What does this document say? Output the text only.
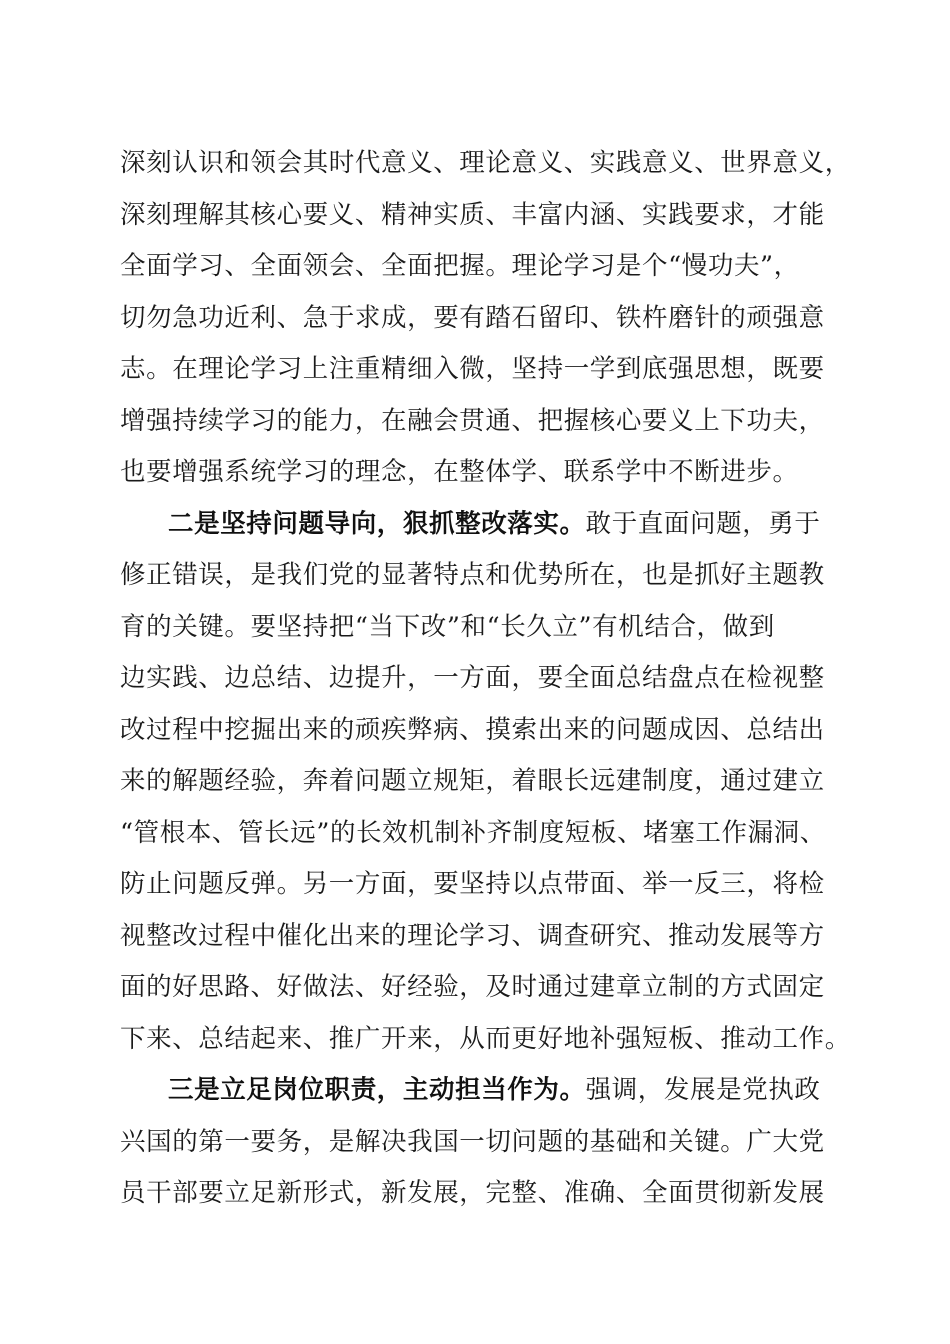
深刻认识和领会其时代意义、理论意义、实践意义、世界意义，
深刻理解其核心要义、精神实质、丰富内涵、实践要求，才能
全面学习、全面领会、全面把握。理论学习是个“慢功夫”，
切勿急功近利、急于求成，要有踏石留印、铁杵磨针的顽强意
志。在理论学习上注重精细入微，坚持一学到底强思想，既要
增强持续学习的能力，在融会贯通、把握核心要义上下功夫，
也要增强系统学习的理念，在整体学、联系学中不断进步。
二是坚持问题导向，狠抓整改落实。敢于直面问题，勇于
修正错误，是我们党的显著特点和优势所在，也是抓好主题教
育的关键。要坚持把“当下改”和“长久立”有机结合，做到
边实践、边总结、边提升，一方面，要全面总结盘点在检视整
改过程中挖掘出来的顽疾弊病、摸索出来的问题成因、总结出
来的解题经验，奔着问题立规矩，着眼长远建制度，通过建立
“管根本、管长远”的长效机制补齐制度短板、堵塞工作漏洞、
防止问题反弹。另一方面，要坚持以点带面、举一反三，将检
视整改过程中催化出来的理论学习、调查研究、推动发展等方
面的好思路、好做法、好经验，及时通过建章立制的方式固定
下来、总结起来、推广开来，从而更好地补强短板、推动工作。
三是立足岗位职责，主动担当作为。强调，发展是党执政
兴国的第一要务，是解决我国一切问题的基础和关键。广大党
员干部要立足新形式，新发展，完整、准确、全面贯彻新发展
